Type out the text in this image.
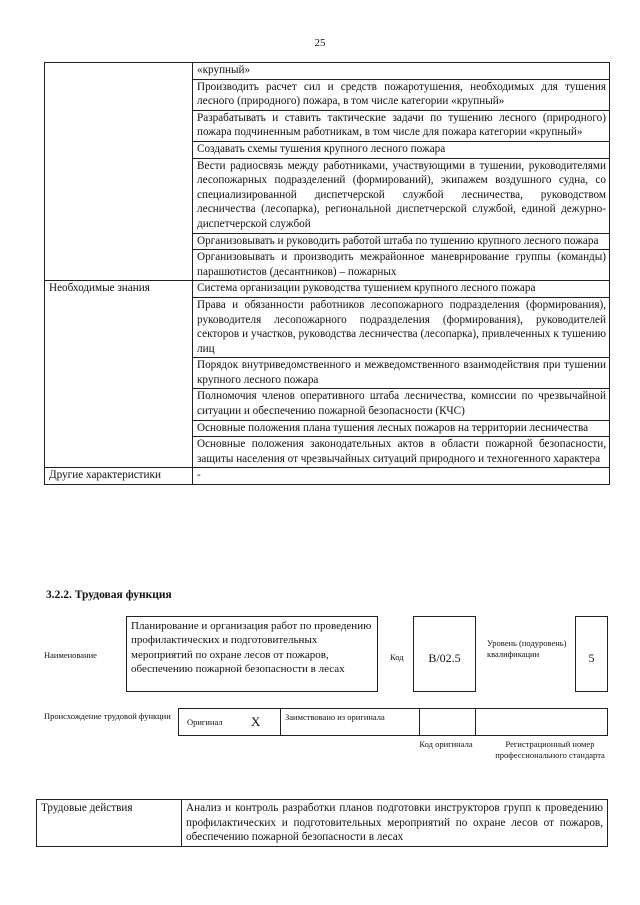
25
	«крупный»
	Производить расчет сил и средств пожаротушения, необходимых для тушения лесного (природного) пожара, в том числе категории «крупный»
	Разрабатывать и ставить тактические задачи по тушению лесного (природного) пожара подчиненным работникам, в том числе для пожара категории «крупный»
	Создавать схемы тушения крупного лесного пожара
	Вести радиосвязь между работниками, участвующими в тушении, руководителями лесопожарных подразделений (формирований), экипажем воздушного судна, со специализированной диспетчерской службой лесничества, руководством лесничества (лесопарка), региональной диспетчерской службой, единой дежурно-диспетчерской службой
	Организовывать и руководить работой штаба по тушению крупного лесного пожара
	Организовывать и производить межрайонное маневрирование группы (команды) парашютистов (десантников) – пожарных
Необходимые знания	Система организации руководства тушением крупного лесного пожара
	Права и обязанности работников лесопожарного подразделения (формирования), руководителя лесопожарного подразделения (формирования), руководителей секторов и участков, руководства лесничества (лесопарка), привлеченных к тушению лиц
	Порядок внутриведомственного и межведомственного взаимодействия при тушении крупного лесного пожара
	Полномочия членов оперативного штаба лесничества, комиссии по чрезвычайной ситуации и обеспечению пожарной безопасности (КЧС)
	Основные положения плана тушения лесных пожаров на территории лесничества
	Основные положения законодательных актов в области пожарной безопасности, защиты населения от чрезвычайных ситуаций природного и техногенного характера
Другие характеристики	-
3.2.2. Трудовая функция
Наименование
Планирование и организация работ по проведению профилактических и подготовительных мероприятий по охране лесов от пожаров, обеспечению пожарной безопасности в лесах
Код	B/02.5
Уровень (подуровень) квалификации	5
Происхождение трудовой функции
Оригинал X	Заимствовано из оригинала
Код оригинала	Регистрационный номер профессионального стандарта
Трудовые действия	Анализ и контроль разработки планов подготовки инструкторов групп к проведению профилактических и подготовительных мероприятий по охране лесов от пожаров, обеспечению пожарной безопасности в лесах
